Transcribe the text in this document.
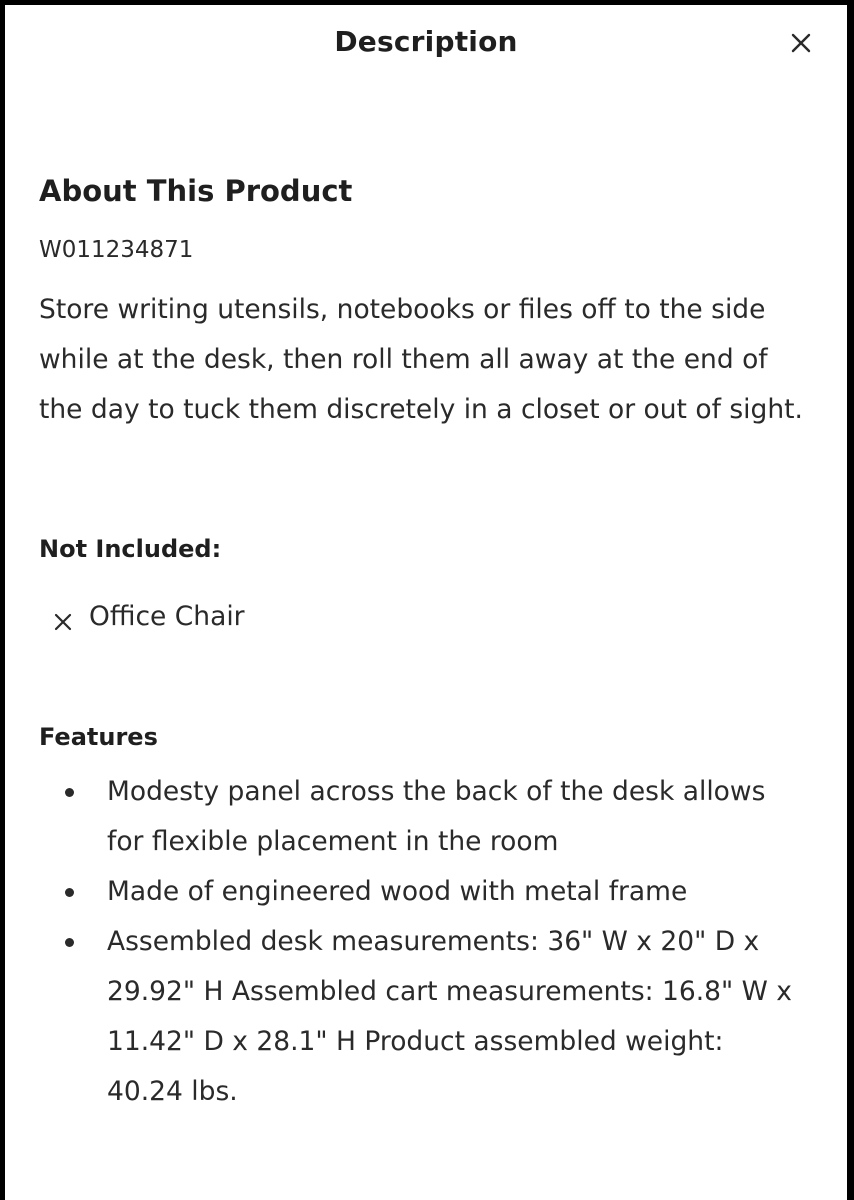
Description
About This Product
W011234871
Store writing utensils, notebooks or files off to the side while at the desk, then roll them all away at the end of the day to tuck them discretely in a closet or out of sight.
Not Included:
Office Chair
Features
Modesty panel across the back of the desk allows for flexible placement in the room
Made of engineered wood with metal frame
Assembled desk measurements: 36" W x 20" D x 29.92" H Assembled cart measurements: 16.8" W x 11.42" D x 28.1" H Product assembled weight: 40.24 lbs.
